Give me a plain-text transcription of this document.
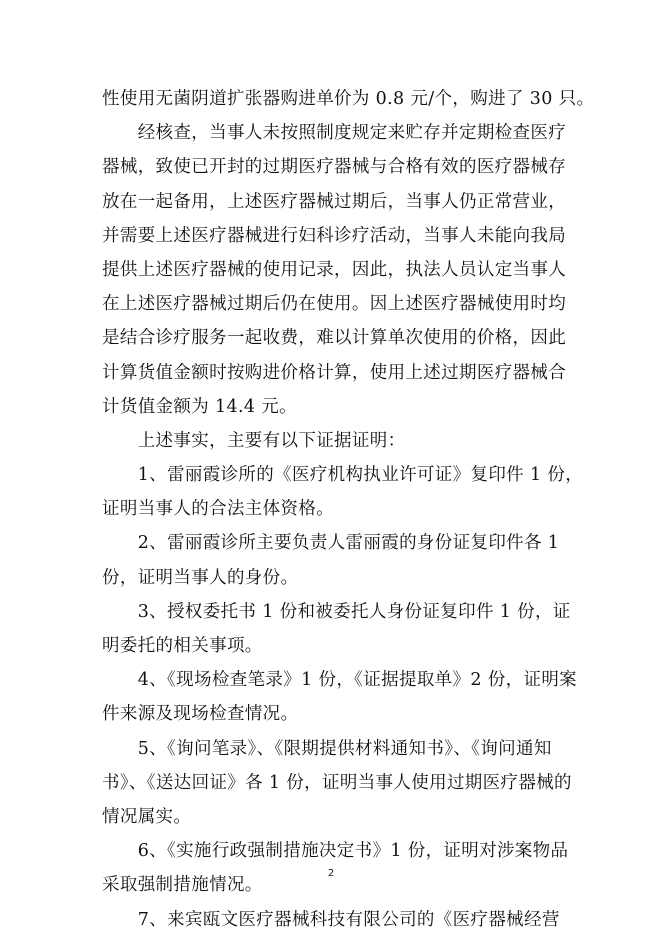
性使用无菌阴道扩张器购进单价为 0.8 元/个，购进了 30 只。
　　经核查，当事人未按照制度规定来贮存并定期检查医疗
器械，致使已开封的过期医疗器械与合格有效的医疗器械存
放在一起备用，上述医疗器械过期后，当事人仍正常营业，
并需要上述医疗器械进行妇科诊疗活动，当事人未能向我局
提供上述医疗器械的使用记录，因此，执法人员认定当事人
在上述医疗器械过期后仍在使用。因上述医疗器械使用时均
是结合诊疗服务一起收费，难以计算单次使用的价格，因此
计算货值金额时按购进价格计算，使用上述过期医疗器械合
计货值金额为 14.4 元。
　　上述事实，主要有以下证据证明：
　　1、雷丽霞诊所的《医疗机构执业许可证》复印件 1 份，
证明当事人的合法主体资格。
　　2、雷丽霞诊所主要负责人雷丽霞的身份证复印件各 1
份，证明当事人的身份。
　　3、授权委托书 1 份和被委托人身份证复印件 1 份，证
明委托的相关事项。
　　4、《现场检查笔录》1 份，《证据提取单》2 份，证明案
件来源及现场检查情况。
　　5、《询问笔录》、《限期提供材料通知书》、《询问通知
书》、《送达回证》各 1 份，证明当事人使用过期医疗器械的
情况属实。
　　6、《实施行政强制措施决定书》1 份，证明对涉案物品
采取强制措施情况。
　　7、来宾瓯文医疗器械科技有限公司的《医疗器械经营
2
